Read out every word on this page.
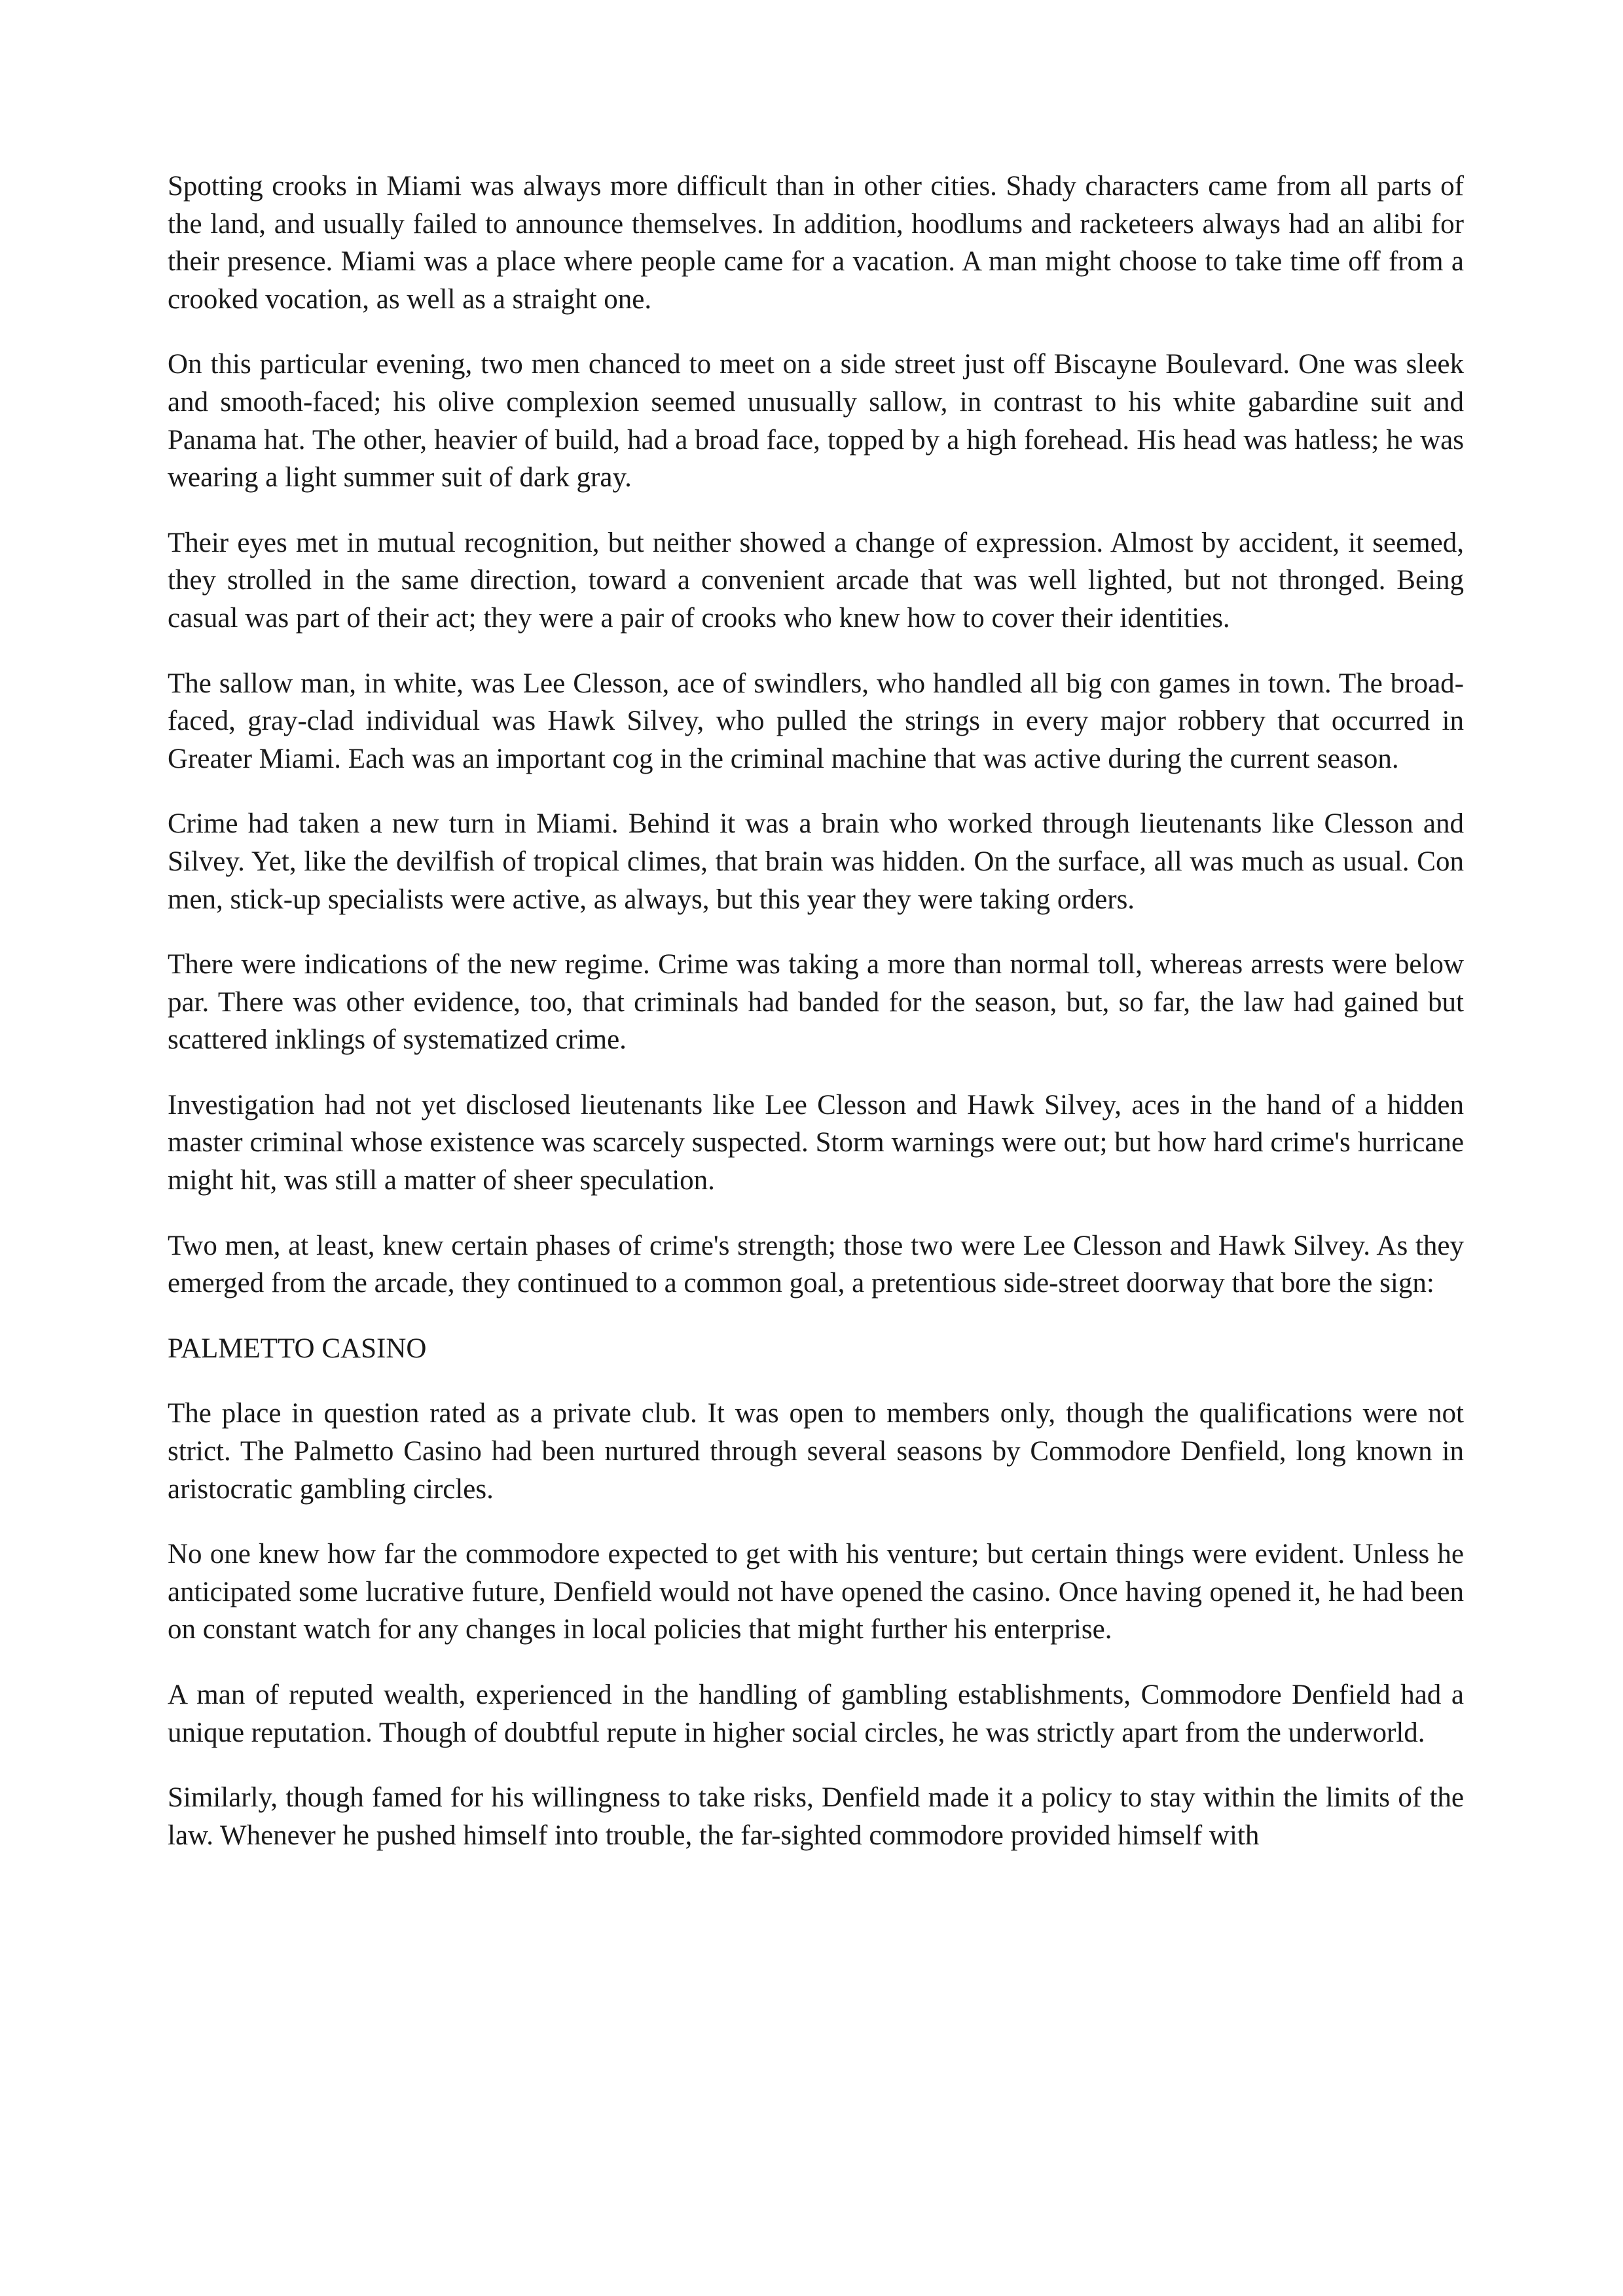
Spotting crooks in Miami was always more difficult than in other cities. Shady characters came from all parts of the land, and usually failed to announce themselves. In addition, hoodlums and racketeers always had an alibi for their presence. Miami was a place where people came for a vacation. A man might choose to take time off from a crooked vocation, as well as a straight one.

On this particular evening, two men chanced to meet on a side street just off Biscayne Boulevard. One was sleek and smooth-faced; his olive complexion seemed unusually sallow, in contrast to his white gabardine suit and Panama hat. The other, heavier of build, had a broad face, topped by a high forehead. His head was hatless; he was wearing a light summer suit of dark gray.

Their eyes met in mutual recognition, but neither showed a change of expression. Almost by accident, it seemed, they strolled in the same direction, toward a convenient arcade that was well lighted, but not thronged. Being casual was part of their act; they were a pair of crooks who knew how to cover their identities.

The sallow man, in white, was Lee Clesson, ace of swindlers, who handled all big con games in town. The broad-faced, gray-clad individual was Hawk Silvey, who pulled the strings in every major robbery that occurred in Greater Miami. Each was an important cog in the criminal machine that was active during the current season.

Crime had taken a new turn in Miami. Behind it was a brain who worked through lieutenants like Clesson and Silvey. Yet, like the devilfish of tropical climes, that brain was hidden. On the surface, all was much as usual. Con men, stick-up specialists were active, as always, but this year they were taking orders.

There were indications of the new regime. Crime was taking a more than normal toll, whereas arrests were below par. There was other evidence, too, that criminals had banded for the season, but, so far, the law had gained but scattered inklings of systematized crime.

Investigation had not yet disclosed lieutenants like Lee Clesson and Hawk Silvey, aces in the hand of a hidden master criminal whose existence was scarcely suspected. Storm warnings were out; but how hard crime's hurricane might hit, was still a matter of sheer speculation.

Two men, at least, knew certain phases of crime's strength; those two were Lee Clesson and Hawk Silvey. As they emerged from the arcade, they continued to a common goal, a pretentious side-street doorway that bore the sign:

PALMETTO CASINO

The place in question rated as a private club. It was open to members only, though the qualifications were not strict. The Palmetto Casino had been nurtured through several seasons by Commodore Denfield, long known in aristocratic gambling circles.

No one knew how far the commodore expected to get with his venture; but certain things were evident. Unless he anticipated some lucrative future, Denfield would not have opened the casino. Once having opened it, he had been on constant watch for any changes in local policies that might further his enterprise.

A man of reputed wealth, experienced in the handling of gambling establishments, Commodore Denfield had a unique reputation. Though of doubtful repute in higher social circles, he was strictly apart from the underworld.

Similarly, though famed for his willingness to take risks, Denfield made it a policy to stay within the limits of the law. Whenever he pushed himself into trouble, the far-sighted commodore provided himself with
